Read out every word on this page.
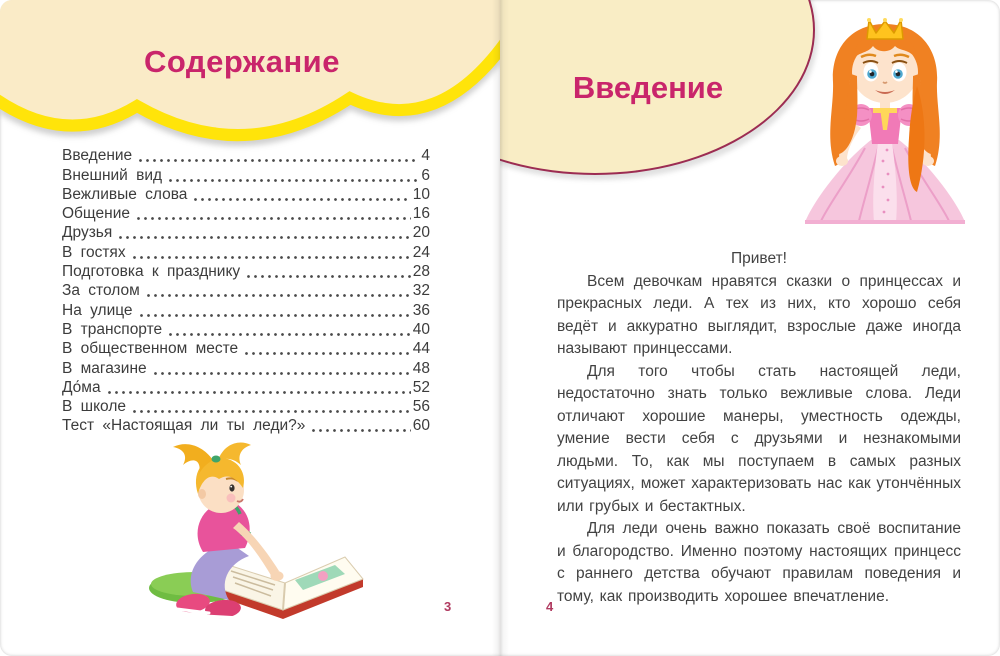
Содержание
Введение	4
Внешний вид	6
Вежливые слова	10
Общение	16
Друзья	20
В гостях	24
Подготовка к празднику	28
За столом	32
На улице	36
В транспорте	40
В общественном месте	44
В магазине	48
До́ма	52
В школе	56
Тест «Настоящая ли ты леди?»	60
3
Введение
Привет!

Всем девочкам нравятся сказки о принцессах и прекрасных леди. А тех из них, кто хорошо себя ведёт и аккуратно выглядит, взрослые даже иногда называют принцессами.

Для того чтобы стать настоящей леди, недостаточно знать только вежливые слова. Леди отличают хорошие манеры, уместность одежды, умение вести себя с друзьями и незнакомыми людьми. То, как мы поступаем в самых разных ситуациях, может характеризовать нас как утончённых или грубых и бестактных.

Для леди очень важно показать своё воспитание и благородство. Именно поэтому настоящих принцесс с раннего детства обучают правилам поведения и тому, как производить хорошее впечатление.

4
